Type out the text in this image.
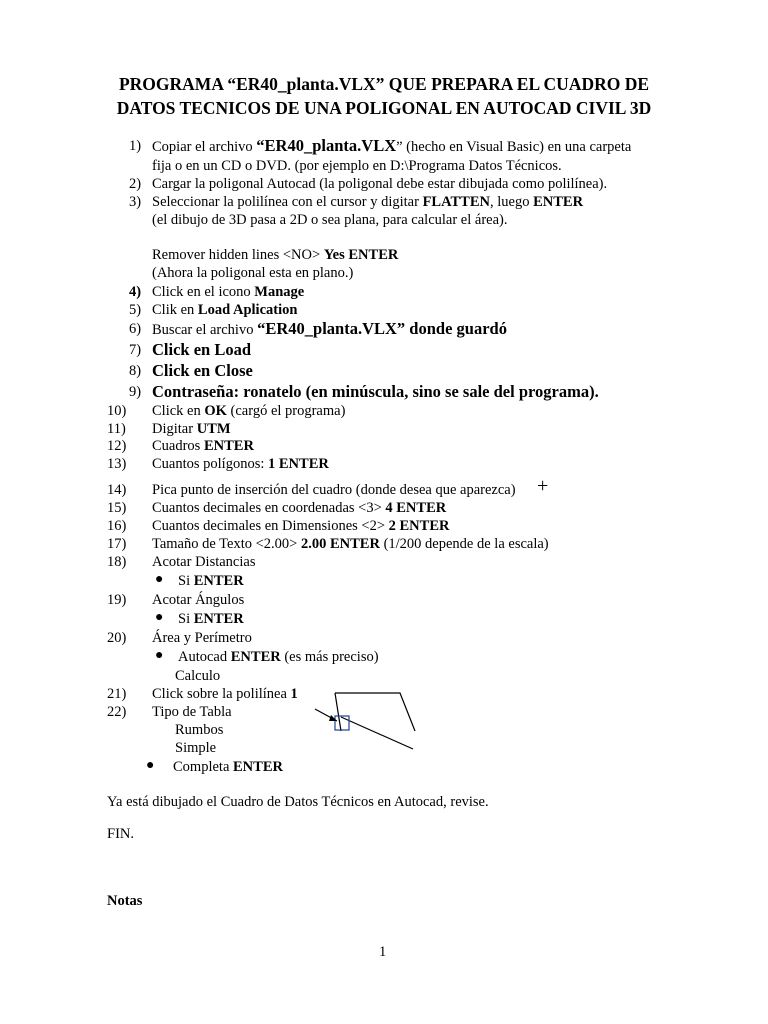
PROGRAMA “ER40_planta.VLX” QUE PREPARA EL CUADRO DE
DATOS TECNICOS DE UNA POLIGONAL EN AUTOCAD CIVIL 3D
1) Copiar el archivo “ER40_planta.VLX” (hecho en Visual Basic) en una carpeta
fija o en un CD o DVD. (por ejemplo en D:\Programa Datos Técnicos.
2) Cargar la poligonal Autocad (la poligonal debe estar dibujada como polilínea).
3) Seleccionar la polilínea con el cursor y digitar FLATTEN, luego ENTER
(el dibujo de 3D pasa a 2D o sea plana, para calcular el área).
Remover hidden lines <NO> Yes ENTER
(Ahora la poligonal esta en plano.)
4) Click en el icono Manage
5) Clik en Load Aplication
6) Buscar el archivo “ER40_planta.VLX” donde guardó
7) Click en Load
8) Click en Close
9) Contraseña: ronatelo (en minúscula, sino se sale del programa).
10) Click en OK (cargó el programa)
11) Digitar UTM
12) Cuadros ENTER
13) Cuantos polígonos: 1 ENTER
14) Pica punto de inserción del cuadro (donde desea que aparezca) +
15) Cuantos decimales en coordenadas <3> 4 ENTER
16) Cuantos decimales en Dimensiones <2> 2 ENTER
17) Tamaño de Texto <2.00> 2.00 ENTER (1/200 depende de la escala)
18) Acotar Distancias
● Si ENTER
19) Acotar Ángulos
● Si ENTER
20) Área y Perímetro
● Autocad ENTER (es más preciso)
Calculo
21) Click sobre la polilínea 1
22) Tipo de Tabla
Rumbos
Simple
● Completa ENTER
Ya está dibujado el Cuadro de Datos Técnicos en Autocad, revise.
FIN.
Notas
1
